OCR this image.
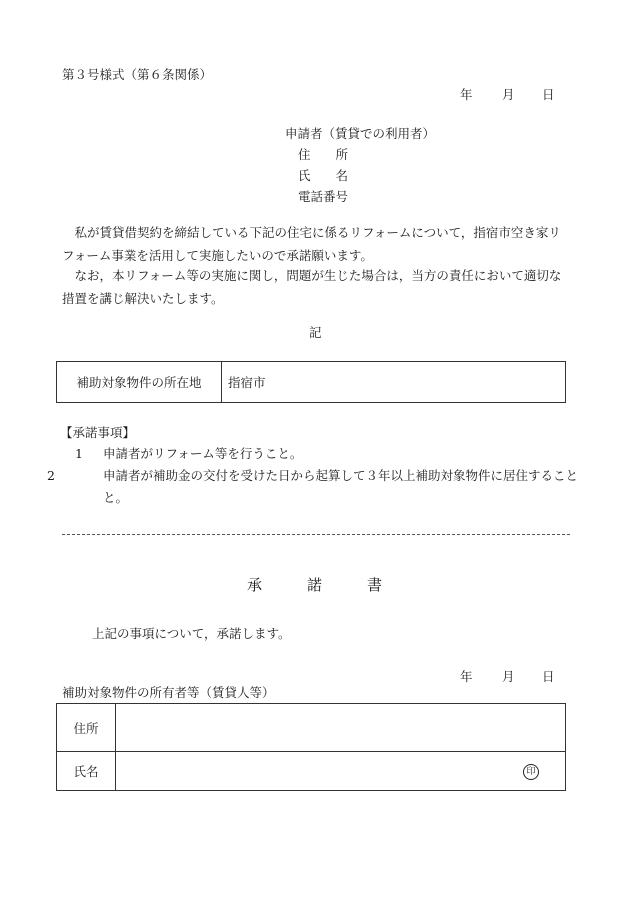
第３号様式（第６条関係）
年	月	日
申請者（賃貸での利用者）
住　　所
氏　　名
電話番号
私が賃貸借契約を締結している下記の住宅に係るリフォームについて，指宿市空き家リフォーム事業を活用して実施したいので承諾願います。
なお，本リフォーム等の実施に関し，問題が生じた場合は，当方の責任において適切な措置を講じ解決いたします。
記
補助対象物件の所在地	指宿市
【承諾事項】
1 申請者がリフォーム等を行うこと。
2	申請者が補助金の交付を受けた日から起算して３年以上補助対象物件に居住することと。
承　　　諾　　　書
上記の事項について，承諾します。
年	月	日
補助対象物件の所有者等（賃貸人等）
住所	
氏名	印
